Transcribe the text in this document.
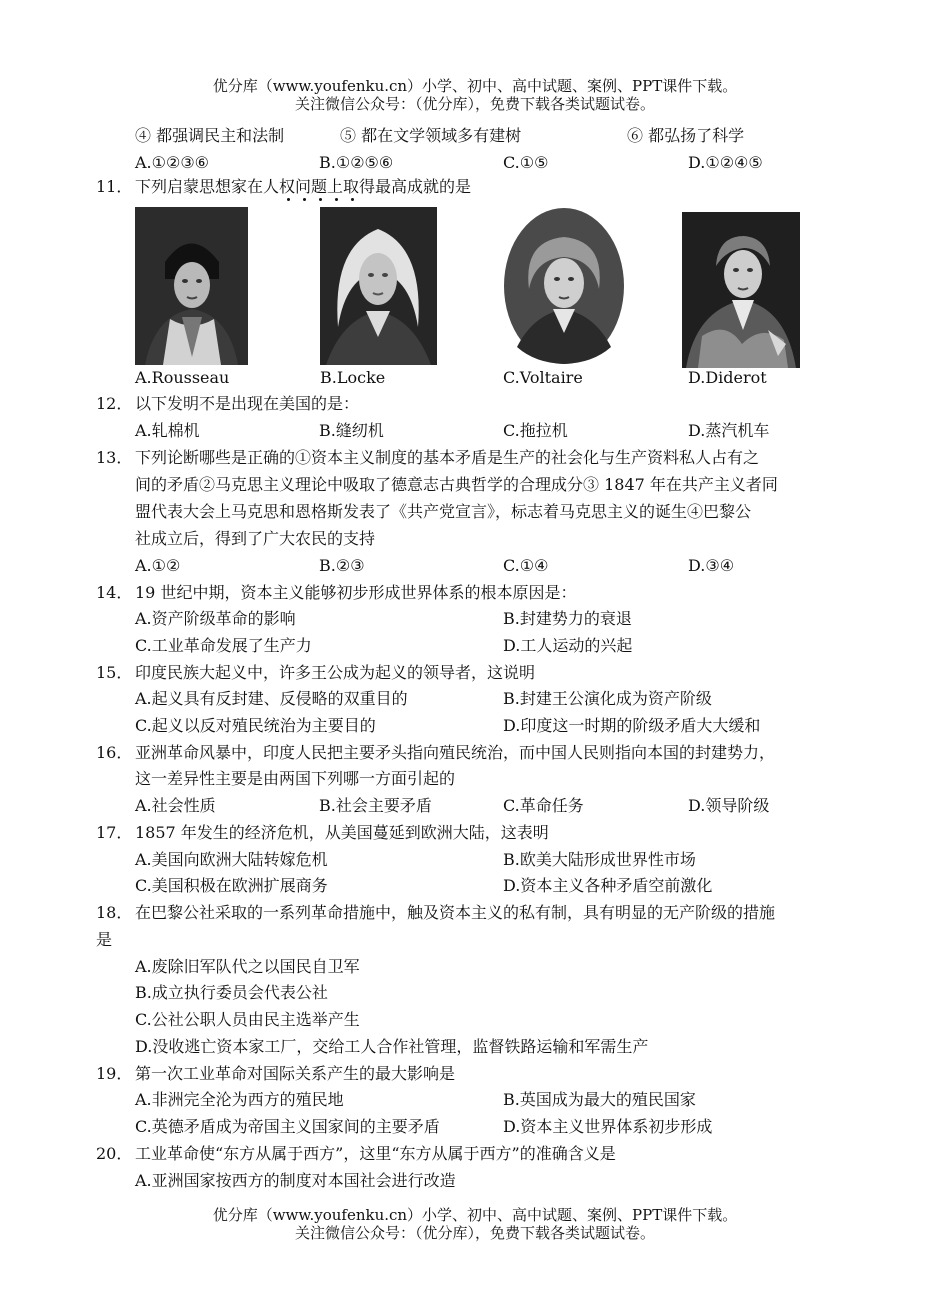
优分库（www.youfenku.cn）小学、初中、高中试题、案例、PPT课件下载。
关注微信公众号：（优分库），免费下载各类试题试卷。
④ 都强调民主和法制	⑤ 都在文学领域多有建树	⑥ 都弘扬了科学
A.①②③⑥	B.①②⑤⑥	C.①⑤	D.①②④⑤
11． 下列启蒙思想家在人权问题上取得最高成就的是
A.Rousseau	B.Locke	C.Voltaire	D.Diderot
12． 以下发明不是出现在美国的是：
A.轧棉机	B.缝纫机	C.拖拉机	D.蒸汽机车
13． 下列论断哪些是正确的①资本主义制度的基本矛盾是生产的社会化与生产资料私人占有之
间的矛盾②马克思主义理论中吸取了德意志古典哲学的合理成分③ 1847 年在共产主义者同
盟代表大会上马克思和恩格斯发表了《共产党宣言》，标志着马克思主义的诞生④巴黎公
社成立后，得到了广大农民的支持
A.①②	B.②③	C.①④	D.③④
14． 19 世纪中期，资本主义能够初步形成世界体系的根本原因是：
A.资产阶级革命的影响	B.封建势力的衰退
C.工业革命发展了生产力	D.工人运动的兴起
15． 印度民族大起义中，许多王公成为起义的领导者，这说明
A.起义具有反封建、反侵略的双重目的	B.封建王公演化成为资产阶级
C.起义以反对殖民统治为主要目的	D.印度这一时期的阶级矛盾大大缓和
16． 亚洲革命风暴中，印度人民把主要矛头指向殖民统治，而中国人民则指向本国的封建势力，
这一差异性主要是由两国下列哪一方面引起的
A.社会性质	B.社会主要矛盾	C.革命任务	D.领导阶级
17． 1857 年发生的经济危机，从美国蔓延到欧洲大陆，这表明
A.美国向欧洲大陆转嫁危机	B.欧美大陆形成世界性市场
C.美国积极在欧洲扩展商务	D.资本主义各种矛盾空前激化
18． 在巴黎公社采取的一系列革命措施中，触及资本主义的私有制，具有明显的无产阶级的措施
是
A.废除旧军队代之以国民自卫军
B.成立执行委员会代表公社
C.公社公职人员由民主选举产生
D.没收逃亡资本家工厂，交给工人合作社管理，监督铁路运输和军需生产
19． 第一次工业革命对国际关系产生的最大影响是
A.非洲完全沦为西方的殖民地	B.英国成为最大的殖民国家
C.英德矛盾成为帝国主义国家间的主要矛盾	D.资本主义世界体系初步形成
20． 工业革命使“东方从属于西方”，这里“东方从属于西方”的准确含义是
A.亚洲国家按西方的制度对本国社会进行改造
优分库（www.youfenku.cn）小学、初中、高中试题、案例、PPT课件下载。
关注微信公众号：（优分库），免费下载各类试题试卷。
